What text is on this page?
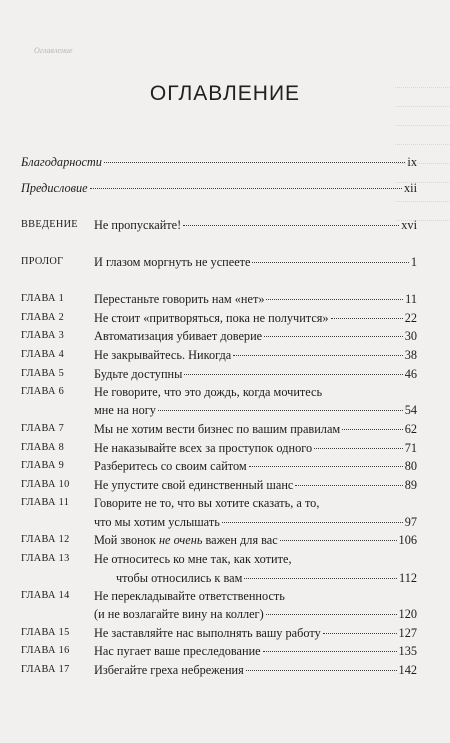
Оглавление
ОГЛАВЛЕНИЕ
Благодарности	ix
Предисловие	xii
ВВЕДЕНИЕ Не пропускайте!	xvi
ПРОЛОГ И глазом моргнуть не успеете	1
ГЛАВА 1 Перестаньте говорить нам «нет»	11
ГЛАВА 2 Не стоит «притворяться, пока не получится»	22
ГЛАВА 3 Автоматизация убивает доверие	30
ГЛАВА 4 Не закрывайтесь. Никогда	38
ГЛАВА 5 Будьте доступны	46
ГЛАВА 6 Не говорите, что это дождь, когда мочитесь
мне на ногу	54
ГЛАВА 7 Мы не хотим вести бизнес по вашим правилам	62
ГЛАВА 8 Не наказывайте всех за проступок одного	71
ГЛАВА 9 Разберитесь со своим сайтом	80
ГЛАВА 10 Не упустите свой единственный шанс	89
ГЛАВА 11 Говорите не то, что вы хотите сказать, а то,
что мы хотим услышать	97
ГЛАВА 12 Мой звонок не очень важен для вас	106
ГЛАВА 13 Не относитесь ко мне так, как хотите,
чтобы относились к вам	112
ГЛАВА 14 Не перекладывайте ответственность
(и не возлагайте вину на коллег)	120
ГЛАВА 15 Не заставляйте нас выполнять вашу работу	127
ГЛАВА 16 Нас пугает ваше преследование	135
ГЛАВА 17 Избегайте греха небрежения	142
